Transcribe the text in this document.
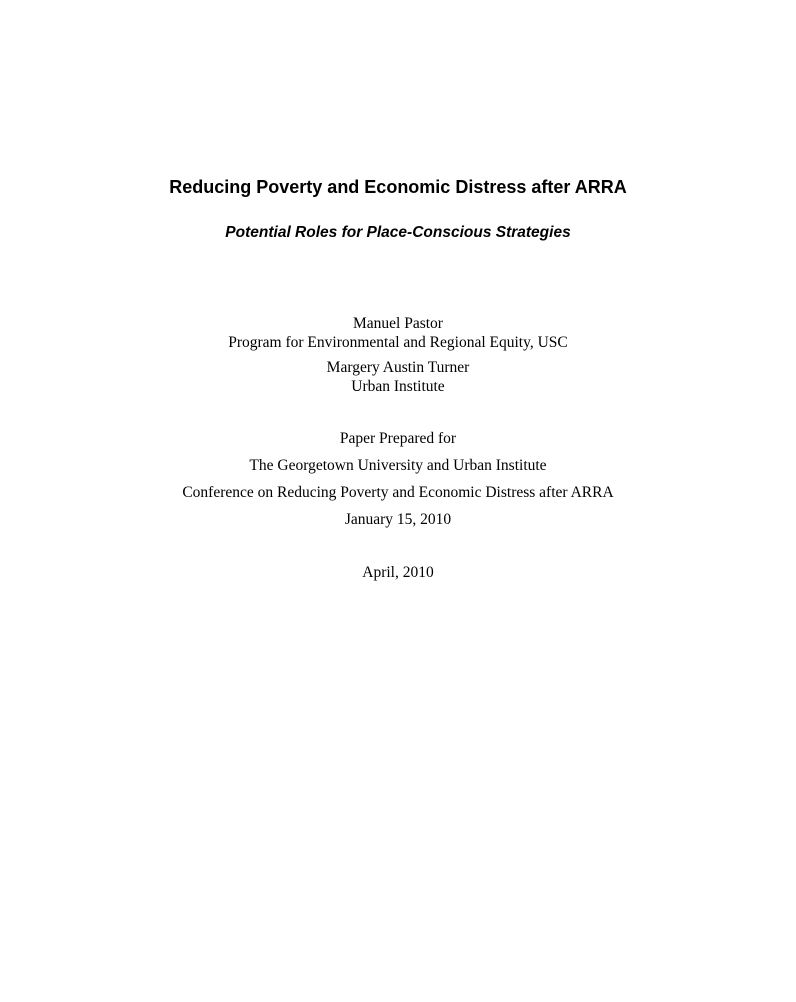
Reducing Poverty and Economic Distress after ARRA
Potential Roles for Place-Conscious Strategies

Manuel Pastor

Program for Environmental and Regional Equity, USC

Margery Austin Turner

Urban Institute

Paper Prepared for

The Georgetown University and Urban Institute

Conference on Reducing Poverty and Economic Distress after ARRA

January 15, 2010

April, 2010
